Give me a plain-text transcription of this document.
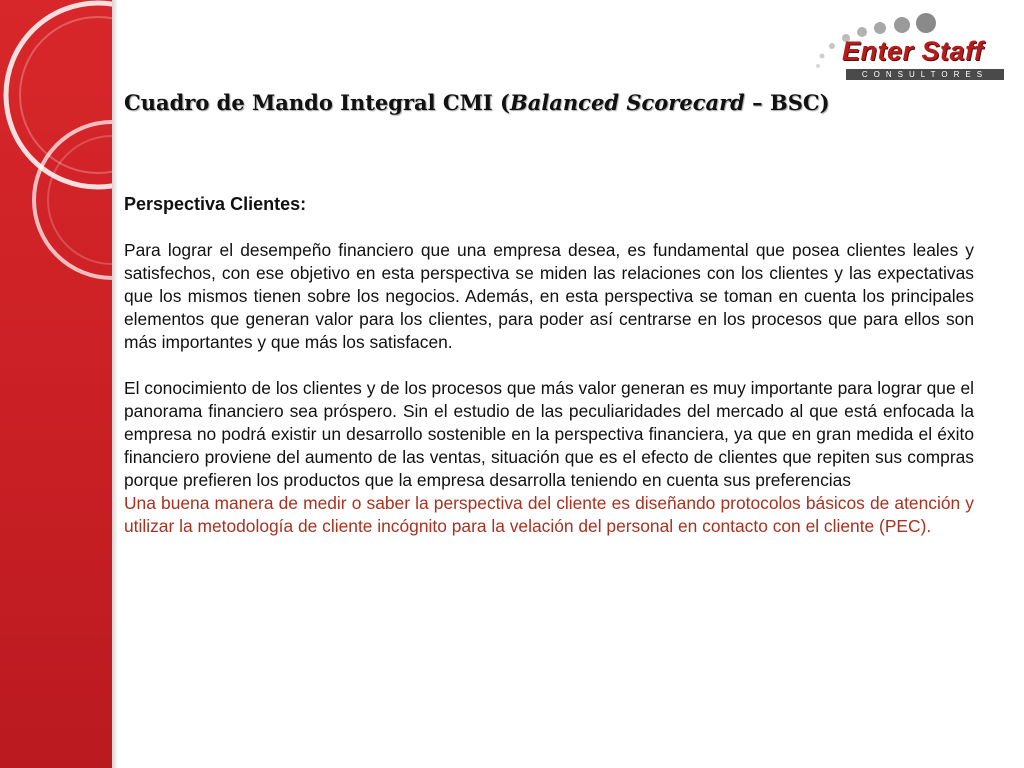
Enter Staff
CONSULTORES
Cuadro de Mando Integral CMI (Balanced Scorecard – BSC)

Perspectiva Clientes:

Para lograr el desempeño financiero que una empresa desea, es fundamental que posea clientes leales y satisfechos, con ese objetivo en esta perspectiva se miden las relaciones con los clientes y las expectativas que los mismos tienen sobre los negocios. Además, en esta perspectiva se toman en cuenta los principales elementos que generan valor para los clientes, para poder así centrarse en los procesos que para ellos son más importantes y que más los satisfacen.

El conocimiento de los clientes y de los procesos que más valor generan es muy importante para lograr que el panorama financiero sea próspero. Sin el estudio de las peculiaridades del mercado al que está enfocada la empresa no podrá existir un desarrollo sostenible en la perspectiva financiera, ya que en gran medida el éxito financiero proviene del aumento de las ventas, situación que es el efecto de clientes que repiten sus compras porque prefieren los productos que la empresa desarrolla teniendo en cuenta sus preferencias

Una buena manera de medir o saber la perspectiva del cliente es diseñando protocolos básicos de atención y utilizar la metodología de cliente incógnito para la velación del personal en contacto con el cliente (PEC).
